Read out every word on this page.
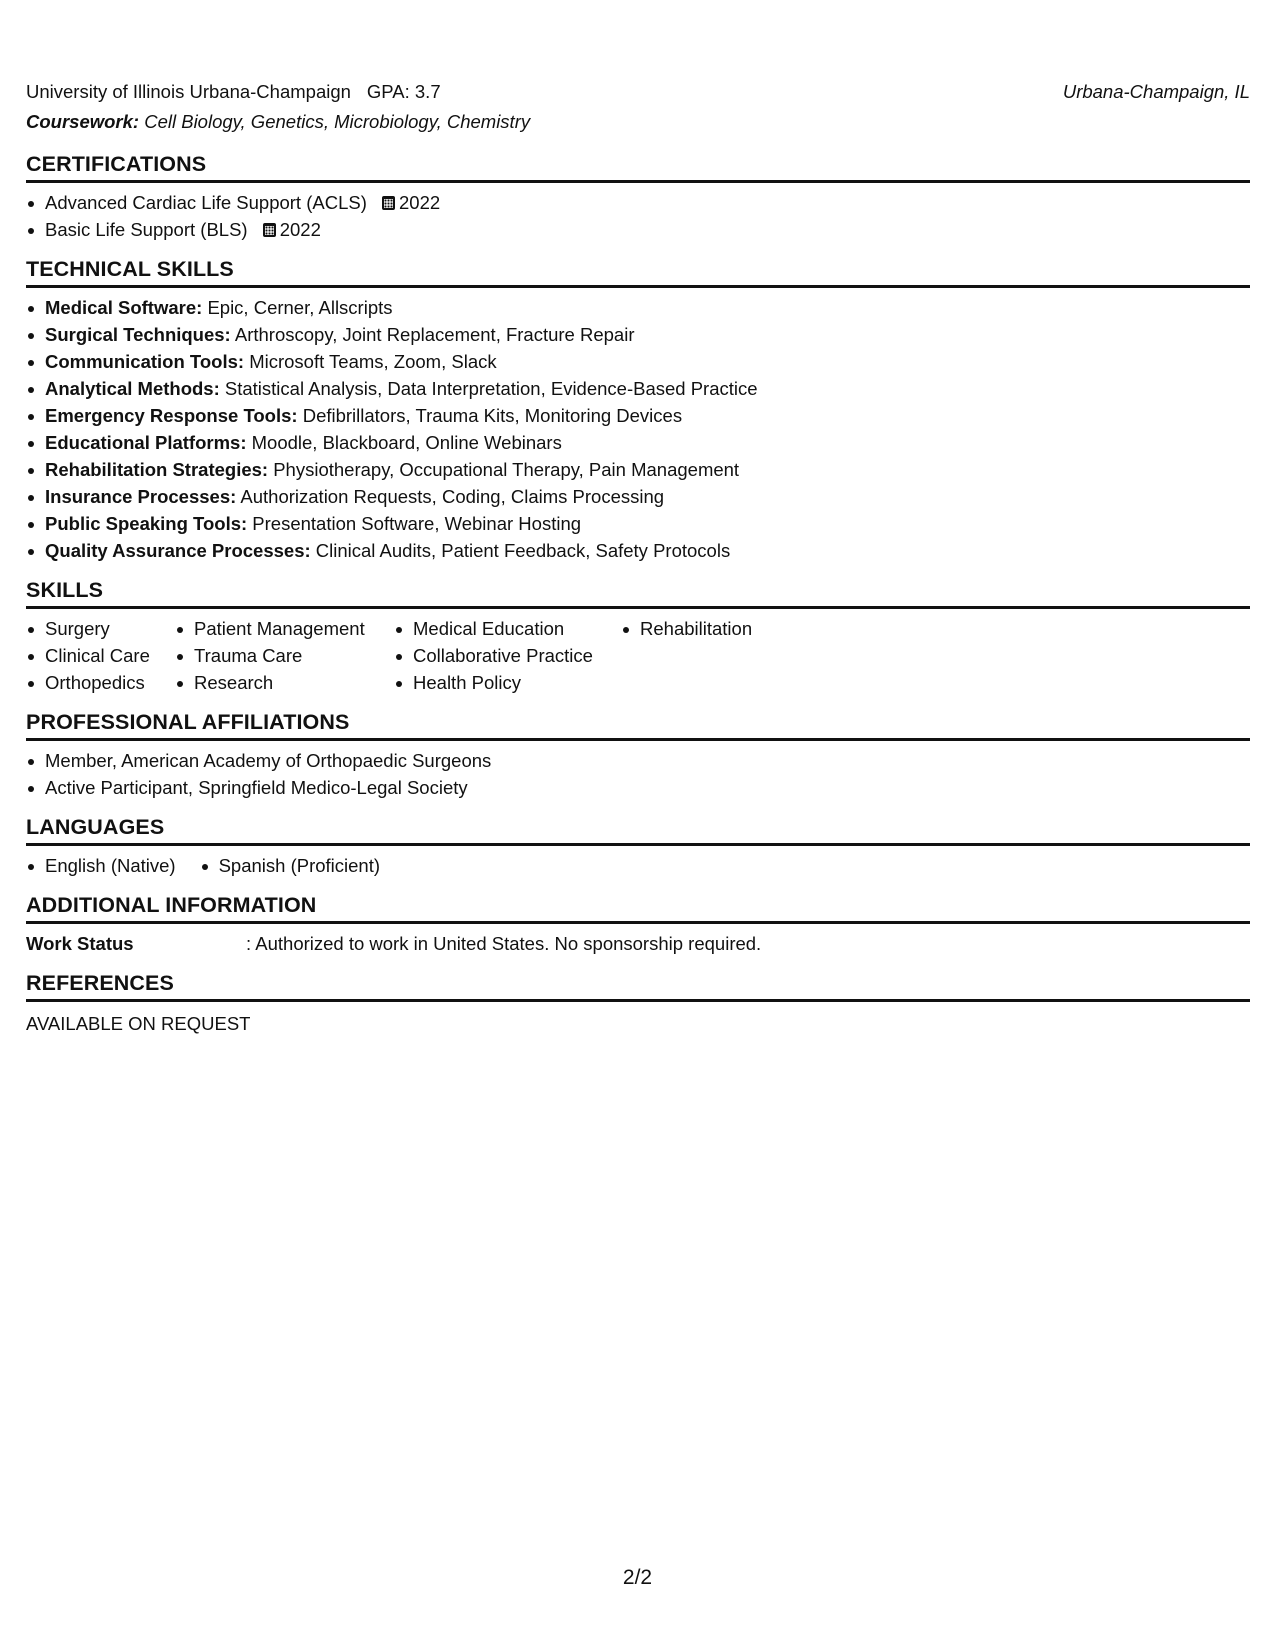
University of Illinois Urbana-Champaign GPA: 3.7	Urbana-Champaign, IL
Coursework: Cell Biology, Genetics, Microbiology, Chemistry
CERTIFICATIONS
Advanced Cardiac Life Support (ACLS) 2022
Basic Life Support (BLS) 2022
TECHNICAL SKILLS
Medical Software: Epic, Cerner, Allscripts
Surgical Techniques: Arthroscopy, Joint Replacement, Fracture Repair
Communication Tools: Microsoft Teams, Zoom, Slack
Analytical Methods: Statistical Analysis, Data Interpretation, Evidence-Based Practice
Emergency Response Tools: Defibrillators, Trauma Kits, Monitoring Devices
Educational Platforms: Moodle, Blackboard, Online Webinars
Rehabilitation Strategies: Physiotherapy, Occupational Therapy, Pain Management
Insurance Processes: Authorization Requests, Coding, Claims Processing
Public Speaking Tools: Presentation Software, Webinar Hosting
Quality Assurance Processes: Clinical Audits, Patient Feedback, Safety Protocols
SKILLS
Surgery
Clinical Care
Orthopedics
Patient Management
Trauma Care
Research
Medical Education
Collaborative Practice
Health Policy
Rehabilitation
PROFESSIONAL AFFILIATIONS
Member, American Academy of Orthopaedic Surgeons
Active Participant, Springfield Medico-Legal Society
LANGUAGES
English (Native)	Spanish (Proficient)
ADDITIONAL INFORMATION
Work Status	: Authorized to work in United States. No sponsorship required.
REFERENCES
AVAILABLE ON REQUEST
2/2
